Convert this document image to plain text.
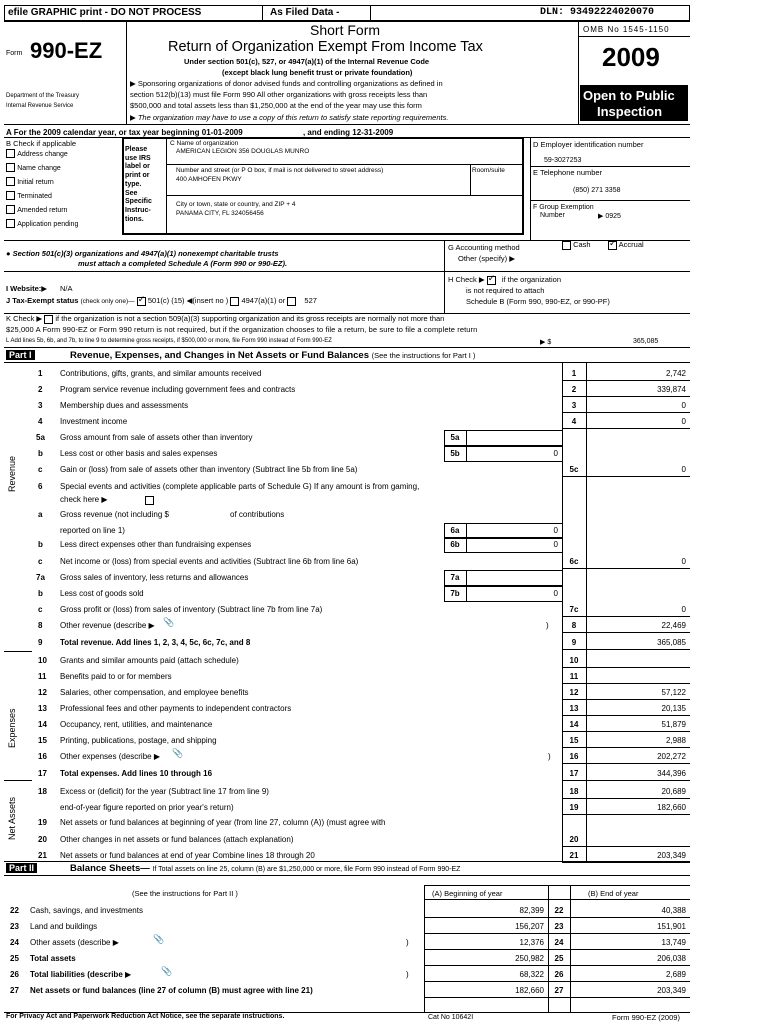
efile GRAPHIC print - DO NOT PROCESS	As Filed Data -	DLN: 93492224020070
Form 990-EZ
Department of the Treasury
Internal Revenue Service
Short Form
Return of Organization Exempt From Income Tax
Under section 501(c), 527, or 4947(a)(1) of the Internal Revenue Code
(except black lung benefit trust or private foundation)
▶ Sponsoring organizations of donor advised funds and controlling organizations as defined in
section 512(b)(13) must file Form 990 All other organizations with gross receipts less than
$500,000 and total assets less than $1,250,000 at the end of the year may use this form
▶ The organization may have to use a copy of this return to satisfy state reporting requirements.
OMB No 1545-1150
2009
Open to Public
Inspection
A For the 2009 calendar year, or tax year beginning 01-01-2009	, and ending 12-31-2009
B Check if applicable
Address change
Name change
Initial return
Terminated
Amended return
Application pending
Please
use IRS
label or
print or
type.
See
Specific
Instruc-
tions.
C Name of organization
AMERICAN LEGION 356 DOUGLAS MUNRO
Number and street (or P O box, if mail is not delivered to street address)	Room/suite
400 AMHOFEN PKWY
City or town, state or country, and ZIP + 4
PANAMA CITY, FL 324056456
D Employer identification number
59-3027253
E Telephone number
(850) 271 3358
F Group Exemption
Number	▶ 0925
● Section 501(c)(3) organizations and 4947(a)(1) nonexempt charitable trusts
must attach a completed Schedule A (Form 990 or 990-EZ).
G Accounting method	Cash ✓	Accrual
Other (specify) ▶
I Website:▶ N/A
H Check ▶ ✓ if the organization
is not required to attach
Schedule B (Form 990, 990-EZ, or 990-PF)
J Tax-Exempt status (check only one)— ✓ 501(c) (15) ◀(insert no ) 4947(a)(1) or	527
K Check ▶ if the organization is not a section 509(a)(3) supporting organization and its gross receipts are normally not more than
$25,000 A Form 990-EZ or Form 990 return is not required, but if the organization chooses to file a return, be sure to file a complete return
L Add lines 5b, 6b, and 7b, to line 9 to determine gross receipts, if $500,000 or more, file Form 990 instead of Form 990-EZ	▶ $	365,085
Part I	Revenue, Expenses, and Changes in Net Assets or Fund Balances (See the instructions for Part I )
Revenue
Expenses
Net Assets
1 Contributions, gifts, grants, and similar amounts received	1	2,742
2 Program service revenue including government fees and contracts	2	339,874
3 Membership dues and assessments	3	0
4 Investment income	4	0
5a Gross amount from sale of assets other than inventory	5a
b Less cost or other basis and sales expenses	5b	0
c Gain or (loss) from sale of assets other than inventory (Subtract line 5b from line 5a)	5c	0
6 Special events and activities (complete applicable parts of Schedule G) If any amount is from gaming,
check here ▶
a Gross revenue (not including $	of contributions
reported on line 1)	6a	0
b Less direct expenses other than fundraising expenses	6b	0
c Net income or (loss) from special events and activities (Subtract line 6b from line 6a)	6c	0
7a Gross sales of inventory, less returns and allowances	7a
b Less cost of goods sold	7b	0
c Gross profit or (loss) from sales of inventory (Subtract line 7b from line 7a)	7c	0
8 Other revenue (describe ▶ 📎	)	8	22,469
9 Total revenue. Add lines 1, 2, 3, 4, 5c, 6c, 7c, and 8	9	365,085
10 Grants and similar amounts paid (attach schedule)	10
11 Benefits paid to or for members	11
12 Salaries, other compensation, and employee benefits	12	57,122
13 Professional fees and other payments to independent contractors	13	20,135
14 Occupancy, rent, utilities, and maintenance	14	51,879
15 Printing, publications, postage, and shipping	15	2,988
16 Other expenses (describe ▶ 📎	)	16	202,272
17 Total expenses. Add lines 10 through 16	17	344,396
18 Excess or (deficit) for the year (Subtract line 17 from line 9)	18	20,689
19 Net assets or fund balances at beginning of year (from line 27, column (A)) (must agree with
end-of-year figure reported on prior year's return)	19	182,660
20 Other changes in net assets or fund balances (attach explanation)	20
21 Net assets or fund balances at end of year Combine lines 18 through 20	21	203,349
Part II	Balance Sheets— If Total assets on line 25, column (B) are $1,250,000 or more, file Form 990 instead of Form 990-EZ
(See the instructions for Part II )	(A) Beginning of year	(B) End of year
22 Cash, savings, and investments	82,399	22	40,388
23 Land and buildings	156,207	23	151,901
24 Other assets (describe ▶	📎	)	12,376	24	13,749
25 Total assets	250,982	25	206,038
26 Total liabilities (describe ▶	📎	)	68,322	26	2,689
27 Net assets or fund balances (line 27 of column (B) must agree with line 21)	182,660	27	203,349
For Privacy Act and Paperwork Reduction Act Notice, see the separate instructions.	Cat No 10642I	Form 990-EZ (2009)
